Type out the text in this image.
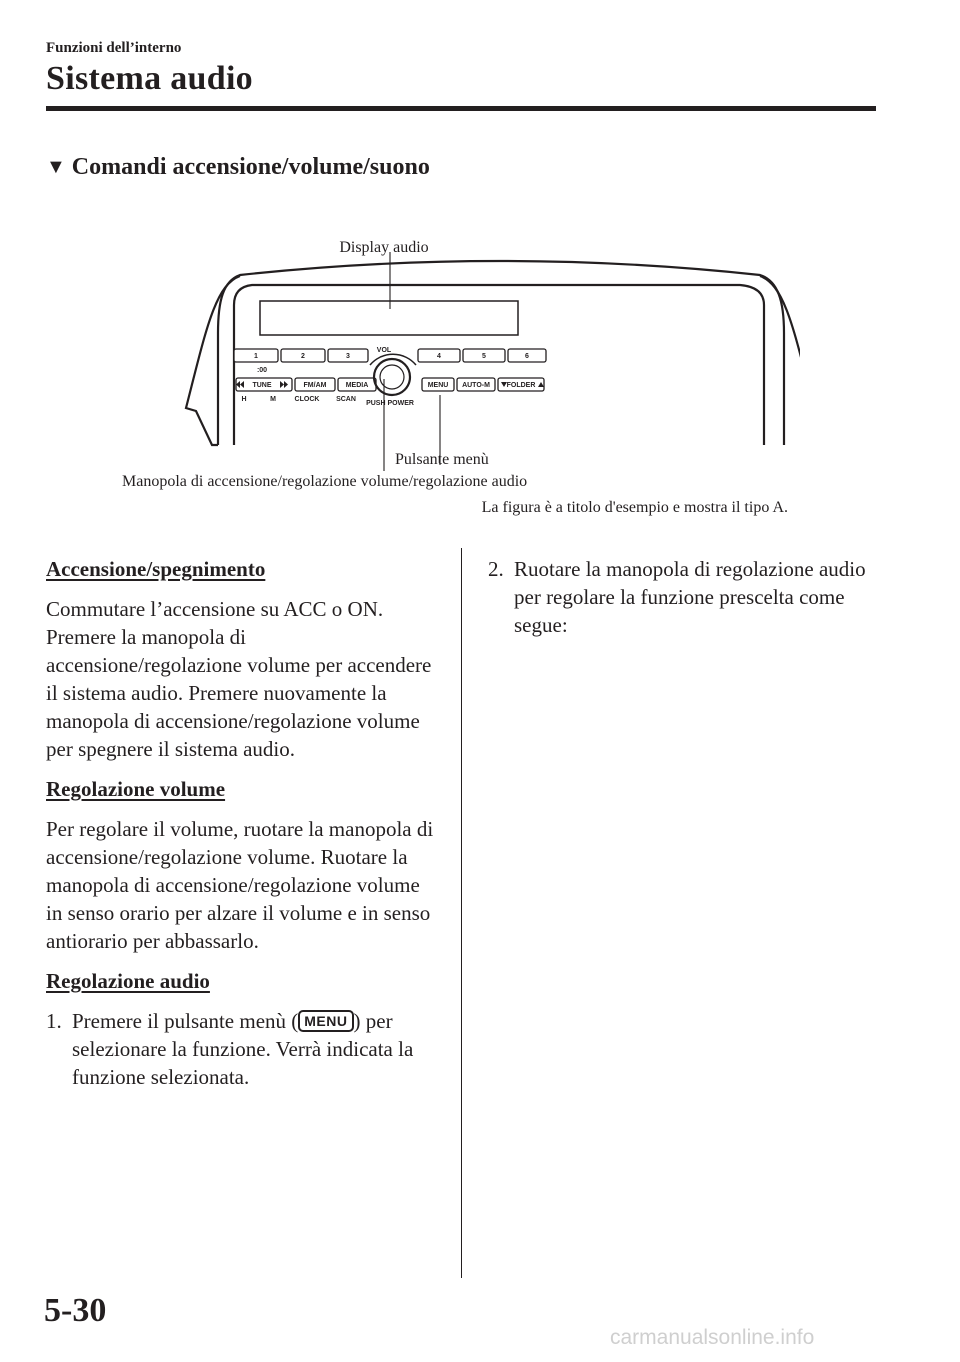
Funzioni dell’interno
Sistema audio
▼ Comandi accensione/volume/suono
VOL
PUSH POWER
1	2	3	4	5	6
:00
TUNE	FM/AM	MEDIA	MENU AUTO-M FOLDER
H	M	CLOCK SCAN
Display audio
Pulsante menù
Manopola di accensione/regolazione volume/regolazione audio
La figura è a titolo d'esempio e mostra il tipo A.
Accensione/spegnimento

Commutare l’accensione su ACC o ON. Premere la manopola di accensione/regolazione volume per accendere il sistema audio. Premere nuovamente la manopola di accensione/regolazione volume per spegnere il sistema audio.

Regolazione volume

Per regolare il volume, ruotare la manopola di accensione/regolazione volume. Ruotare la manopola di accensione/regolazione volume in senso orario per alzare il volume e in senso antiorario per abbassarlo.

Regolazione audio
1. Premere il pulsante menù ( MENU ) per selezionare la funzione. Verrà indicata la funzione selezionata.
2. Ruotare la manopola di regolazione audio per regolare la funzione prescelta come segue:
5-30
carmanualsonline.info
